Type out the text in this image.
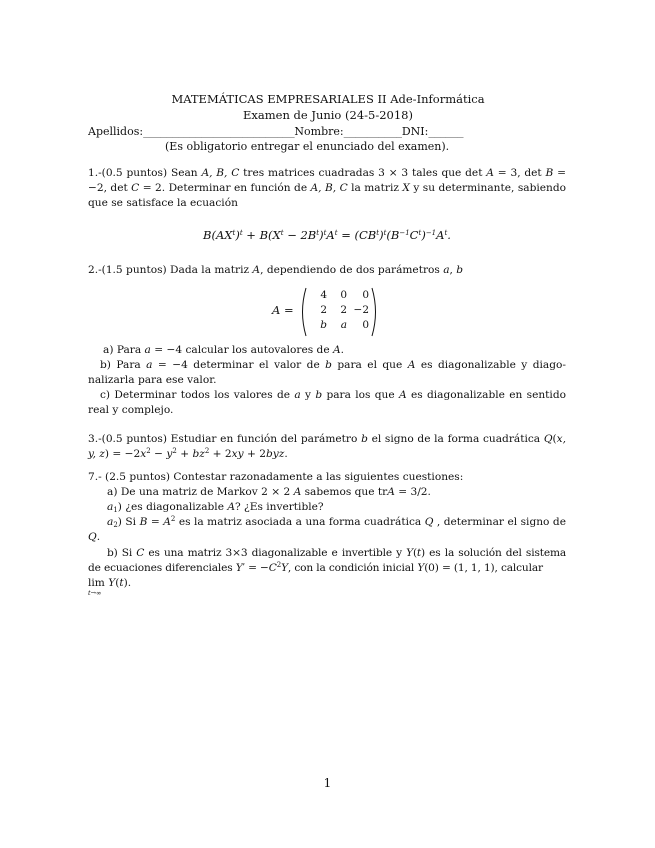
MATEMÁTICAS EMPRESARIALES II Ade-Informática
Examen de Junio (24-5-2018)
Apellidos:__________________________Nombre:__________DNI:______
(Es obligatorio entregar el enunciado del examen).
1.-(0.5 puntos) Sean A, B, C tres matrices cuadradas 3 × 3 tales que det A = 3, det B = −2, det C = 2. Determinar en función de A, B, C la matriz X y su determinante, sabiendo que se satisface la ecuación
$B(AX^t)^t + B(X^t - 2B^t)^tA^t = (CB^t)^t(B^{-1}C^t)^{-1}A^t$.
2.-(1.5 puntos) Dada la matriz A, dependiendo de dos parámetros a, b
A =
4	0	0
2	2 −2
b	a	0
a) Para a = −4 calcular los autovalores de A.
b) Para a = −4 determinar el valor de b para el que A es diagonalizable y diago- nalizarla para ese valor.
c) Determinar todos los valores de a y b para los que A es diagonalizable en sentido real y complejo.
3.-(0.5 puntos) Estudiar en función del parámetro b el signo de la forma cuadrática Q(x, y, $z) = -2x^2 - y^2 + bz^2 + 2xy + 2byz$.
7.- (2.5 puntos) Contestar razonadamente a las siguientes cuestiones:
a) De una matriz de Markov 2 × 2 A sabemos que trA = 3/2.
$a_1$) ¿es diagonalizable A? ¿Es invertible?
$a_2$) Si $B = A^2$ es la matriz asociada a una forma cuadrática Q , determinar el signo de Q.
b) Si C es una matriz 3×3 diagonalizable e invertible y Y(t) es la solución del sistema de ecuaciones diferenciales $Y' = -C^2Y$, con la condición inicial Y(0) = (1, 1, 1), calcular
lim Y(t).
t→∞
1
